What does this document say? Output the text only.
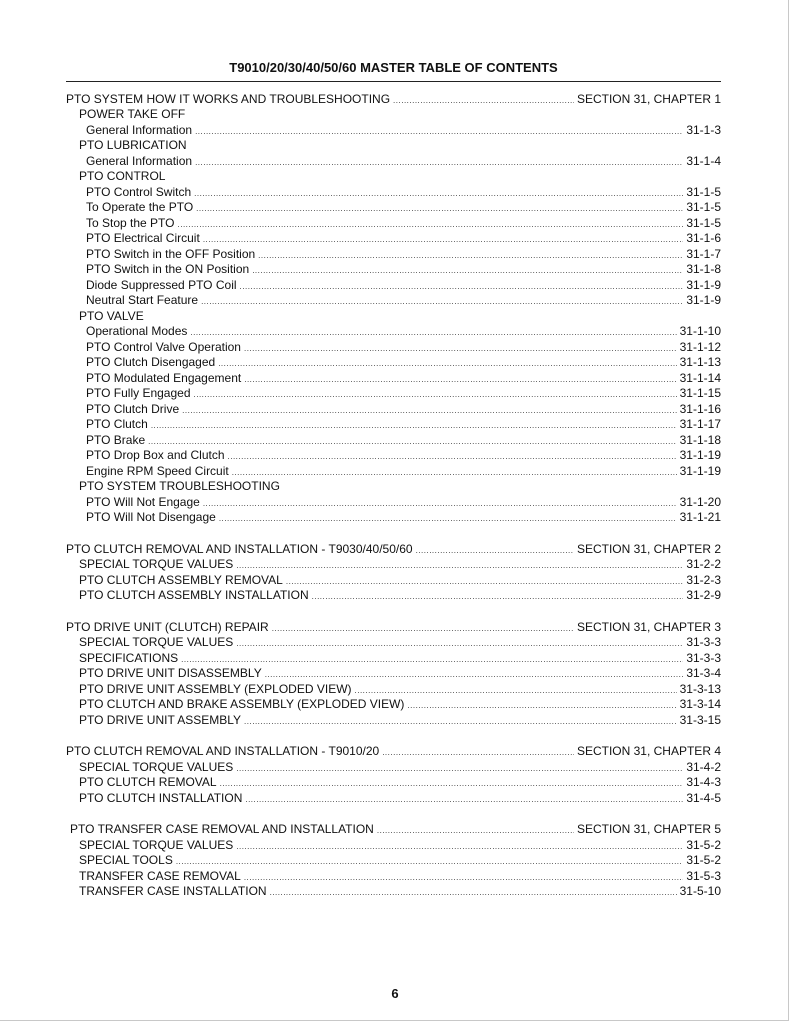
T9010/20/30/40/50/60 MASTER TABLE OF CONTENTS
PTO SYSTEM HOW IT WORKS AND TROUBLESHOOTING .....	SECTION 31, CHAPTER 1
POWER TAKE OFF
General Information .....	31-1-3
PTO LUBRICATION
General Information .....	31-1-4
PTO CONTROL
PTO Control Switch .....	31-1-5
To Operate the PTO .....	31-1-5
To Stop the PTO .....	31-1-5
PTO Electrical Circuit .....	31-1-6
PTO Switch in the OFF Position .....	31-1-7
PTO Switch in the ON Position .....	31-1-8
Diode Suppressed PTO Coil .....	31-1-9
Neutral Start Feature .....	31-1-9
PTO VALVE
Operational Modes .....	31-1-10
PTO Control Valve Operation .....	31-1-12
PTO Clutch Disengaged .....	31-1-13
PTO Modulated Engagement .....	31-1-14
PTO Fully Engaged .....	31-1-15
PTO Clutch Drive .....	31-1-16
PTO Clutch .....	31-1-17
PTO Brake .....	31-1-18
PTO Drop Box and Clutch .....	31-1-19
Engine RPM Speed Circuit .....	31-1-19
PTO SYSTEM TROUBLESHOOTING
PTO Will Not Engage .....	31-1-20
PTO Will Not Disengage .....	31-1-21
PTO CLUTCH REMOVAL AND INSTALLATION - T9030/40/50/60 .....	SECTION 31, CHAPTER 2
SPECIAL TORQUE VALUES .....	31-2-2
PTO CLUTCH ASSEMBLY REMOVAL .....	31-2-3
PTO CLUTCH ASSEMBLY INSTALLATION .....	31-2-9
PTO DRIVE UNIT (CLUTCH) REPAIR .....	SECTION 31, CHAPTER 3
SPECIAL TORQUE VALUES .....	31-3-3
SPECIFICATIONS .....	31-3-3
PTO DRIVE UNIT DISASSEMBLY .....	31-3-4
PTO DRIVE UNIT ASSEMBLY (EXPLODED VIEW) .....	31-3-13
PTO CLUTCH AND BRAKE ASSEMBLY (EXPLODED VIEW) .....	31-3-14
PTO DRIVE UNIT ASSEMBLY .....	31-3-15
PTO CLUTCH REMOVAL AND INSTALLATION - T9010/20 .....	SECTION 31, CHAPTER 4
SPECIAL TORQUE VALUES .....	31-4-2
PTO CLUTCH REMOVAL .....	31-4-3
PTO CLUTCH INSTALLATION .....	31-4-5
PTO TRANSFER CASE REMOVAL AND INSTALLATION .....	SECTION 31, CHAPTER 5
SPECIAL TORQUE VALUES .....	31-5-2
SPECIAL TOOLS .....	31-5-2
TRANSFER CASE REMOVAL .....	31-5-3
TRANSFER CASE INSTALLATION .....	31-5-10
6
